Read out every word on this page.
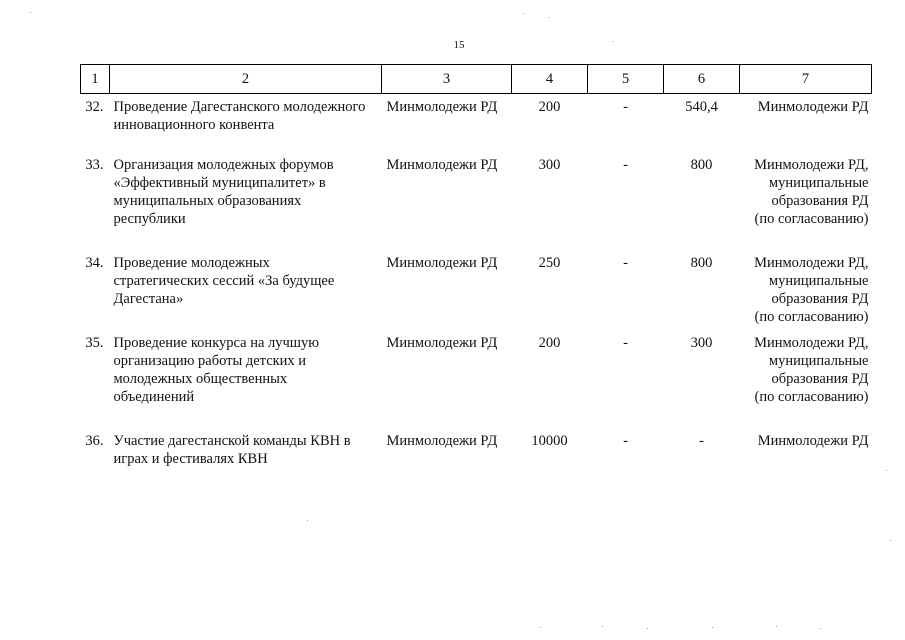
15
1	2	3	4	5	6	7
32.	Проведение Дагестанского молодежного
инновационного конвента	Минмолодежи РД	200	-	540,4	Минмолодежи РД

33.	Организация молодежных форумов
«Эффективный муниципалитет» в
муниципальных образованиях
республики	Минмолодежи РД	300	-	800	Минмолодежи РД,
муниципальные
образования РД
(по согласованию)

34.	Проведение молодежных
стратегических сессий «За будущее
Дагестана»	Минмолодежи РД	250	-	800	Минмолодежи РД,
муниципальные
образования РД
(по согласованию)

35.	Проведение конкурса на лучшую
организацию работы детских и
молодежных общественных
объединений	Минмолодежи РД	200	-	300	Минмолодежи РД,
муниципальные
образования РД
(по согласованию)

36.	Участие дагестанской команды КВН в
играх и фестивалях КВН	Минмолодежи РД	10000	-	-	Минмолодежи РД
